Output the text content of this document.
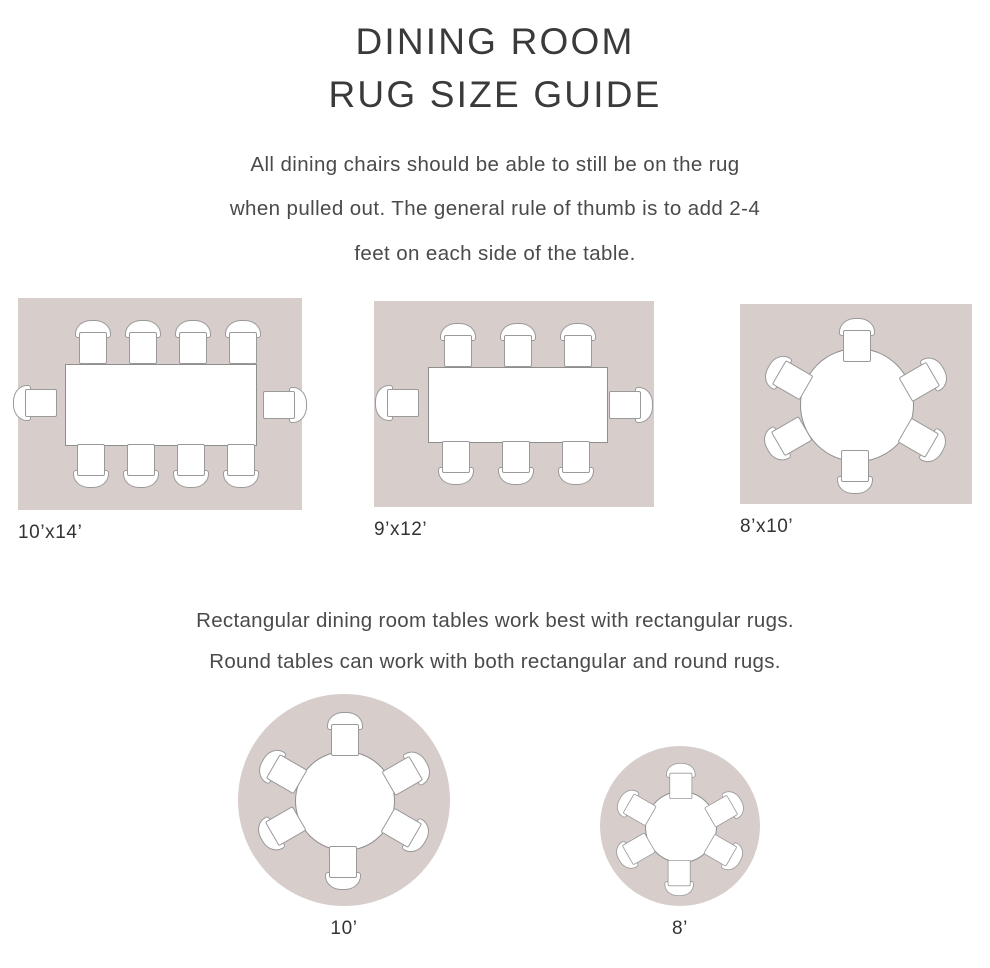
DINING ROOM
RUG SIZE GUIDE
All dining chairs should be able to still be on the rug
when pulled out. The general rule of thumb is to add 2-4
feet on each side of the table.
10’x14’	9’x12’	8’x10’
Rectangular dining room tables work best with rectangular rugs.
Round tables can work with both rectangular and round rugs.
10’	8’
